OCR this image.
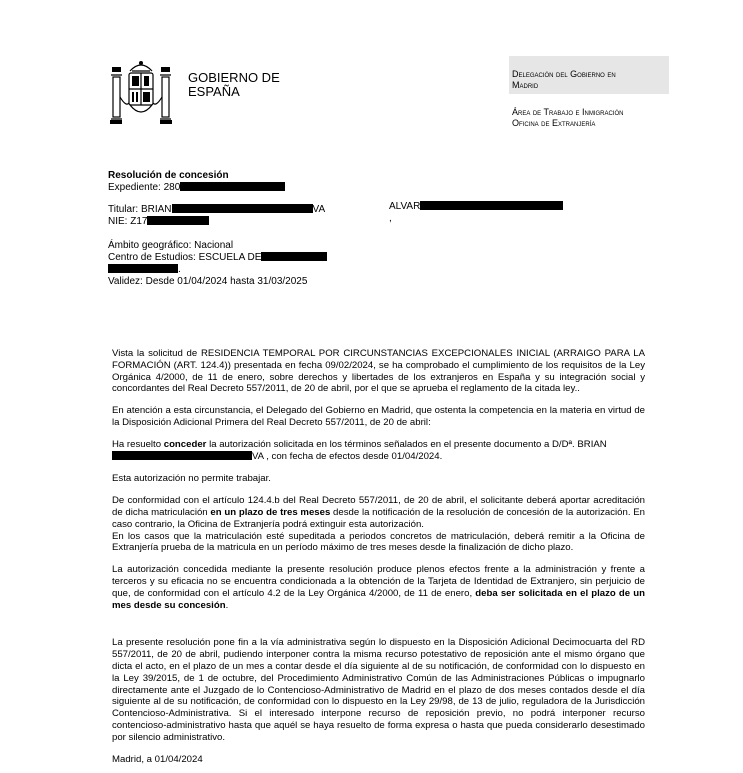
GOBIERNO DE
ESPAÑA
Delegación del Gobierno en
Madrid
Área de Trabajo e Inmigración
Oficina de Extranjería
Resolución de concesión
Expediente: 280
Titular: BRIAN	VA
NIE: Z17
Ámbito geográfico: Nacional
Centro de Estudios: ESCUELA DE
.
Validez: Desde 01/04/2024 hasta 31/03/2025
ALVAR
,

Vista la solicitud de RESIDENCIA TEMPORAL POR CIRCUNSTANCIAS EXCEPCIONALES INICIAL (ARRAIGO PARA LA FORMACIÓN (ART. 124.4)) presentada en fecha 09/02/2024, se ha comprobado el cumplimiento de los requisitos de la Ley Orgánica 4/2000, de 11 de enero, sobre derechos y libertades de los extranjeros en España y su integración social y concordantes del Real Decreto 557/2011, de 20 de abril, por el que se aprueba el reglamento de la citada ley..

En atención a esta circunstancia, el Delegado del Gobierno en Madrid, que ostenta la competencia en la materia en virtud de la Disposición Adicional Primera del Real Decreto 557/2011, de 20 de abril:

Ha resuelto conceder la autorización solicitada en los términos señalados en el presente documento a D/Dª. BRIAN
VA , con fecha de efectos desde 01/04/2024.

Esta autorización no permite trabajar.

De conformidad con el artículo 124.4.b del Real Decreto 557/2011, de 20 de abril, el solicitante deberá aportar acreditación de dicha matriculación en un plazo de tres meses desde la notificación de la resolución de concesión de la autorización. En caso contrario, la Oficina de Extranjería podrá extinguir esta autorización.
En los casos que la matriculación esté supeditada a periodos concretos de matriculación, deberá remitir a la Oficina de Extranjería prueba de la matricula en un período máximo de tres meses desde la finalización de dicho plazo.

La autorización concedida mediante la presente resolución produce plenos efectos frente a la administración y frente a terceros y su eficacia no se encuentra condicionada a la obtención de la Tarjeta de Identidad de Extranjero, sin perjuicio de que, de conformidad con el artículo 4.2 de la Ley Orgánica 4/2000, de 11 de enero, deba ser solicitada en el plazo de un mes desde su concesión.

La presente resolución pone fin a la vía administrativa según lo dispuesto en la Disposición Adicional Decimocuarta del RD 557/2011, de 20 de abril, pudiendo interponer contra la misma recurso potestativo de reposición ante el mismo órgano que dicta el acto, en el plazo de un mes a contar desde el día siguiente al de su notificación, de conformidad con lo dispuesto en la Ley 39/2015, de 1 de octubre, del Procedimiento Administrativo Común de las Administraciones Públicas o impugnarlo directamente ante el Juzgado de lo Contencioso-Administrativo de Madrid en el plazo de dos meses contados desde el día siguiente al de su notificación, de conformidad con lo dispuesto en la Ley 29/98, de 13 de julio, reguladora de la Jurisdicción Contencioso-Administrativa. Si el interesado interpone recurso de reposición previo, no podrá interponer recurso contencioso-administrativo hasta que aquél se haya resuelto de forma expresa o hasta que pueda considerarlo desestimado por silencio administrativo.

Madrid, a 01/04/2024
